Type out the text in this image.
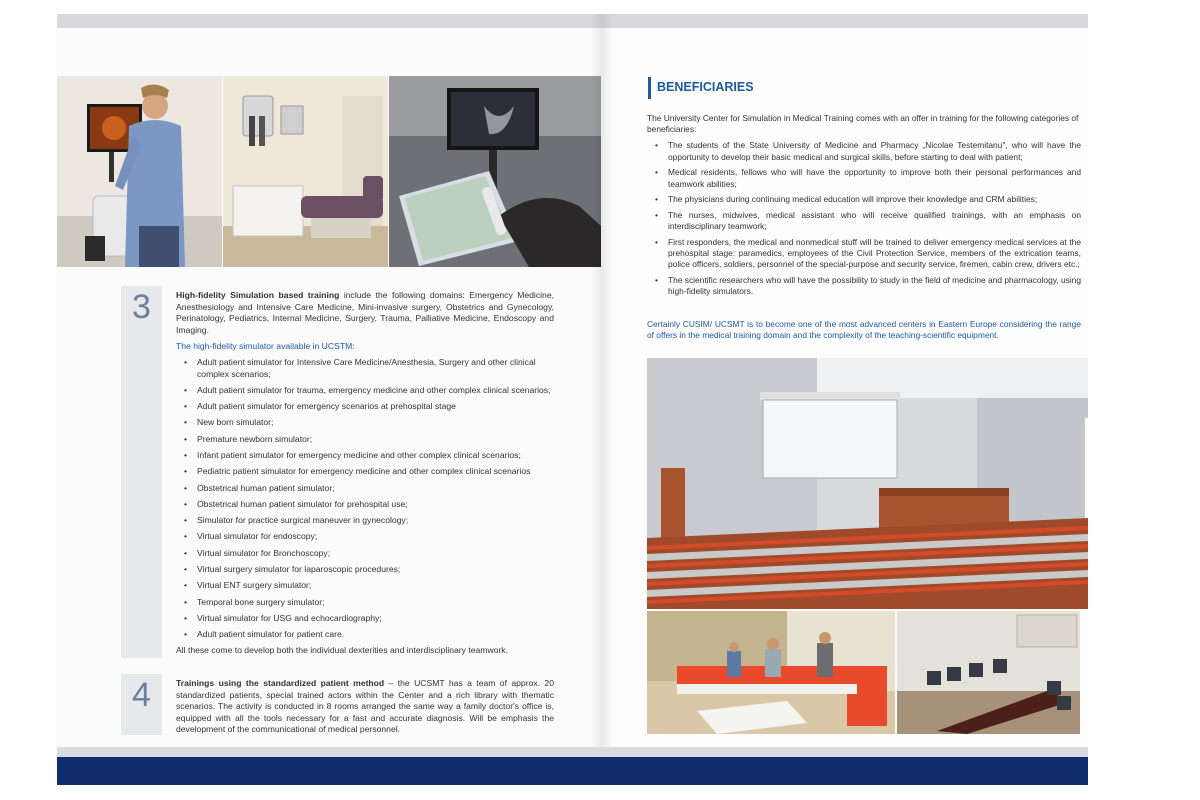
3	High-fidelity Simulation based training include the following domains: Emergency Medicine, Anesthesiology and Intensive Care Medicine, Mini-invasive surgery, Obstetrics and Gynecology, Perinatology, Pediatrics, Internal Medicine, Surgery, Trauma, Palliative Medicine, Endoscopy and Imaging.

The high-fidelity simulator available in UCSTM:

• Adult patient simulator for Intensive Care Medicine/Anesthesia, Surgery and other clinical complex scenarios;
• Adult patient simulator for trauma, emergency medicine and other complex clinical scenarios;
• Adult patient simulator for emergency scenarios at prehospital stage
• New born simulator;
• Premature newborn simulator;
• Infant patient simulator for emergency medicine and other complex clinical scenarios;
• Pediatric patient simulator for emergency medicine and other complex clinical scenarios
• Obstetrical human patient simulator;
• Obstetrical human patient simulator for prehospital use;
• Simulator for practice surgical maneuver in gynecology;
• Virtual simulator for endoscopy;
• Virtual simulator for Bronchoscopy;
• Virtual surgery simulator for laparoscopic procedures;
• Virtual ENT surgery simulator;
• Temporal bone surgery simulator;
• Virtual simulator for USG and echocardiography;
• Adult patient simulator for patient care.

All these come to develop both the individual dexterities and interdisciplinary teamwork.

4	Trainings using the standardized patient method – the UCSMT has a team of approx. 20 standardized patients, special trained actors within the Center and a rich library with thematic scenarios. The activity is conducted in 8 rooms arranged the same way a family doctor's office is, equipped with all the tools necessary for a fast and accurate diagnosis. Will be emphasis the development of the communicational of medical personnel.

BENEFICIARIES

The University Center for Simulation in Medical Training comes with an offer in training for the following categories of beneficiaries:

• The students of the State University of Medicine and Pharmacy „Nicolae Testemitanu", who will have the opportunity to develop their basic medical and surgical skills, before starting to deal with patient;
• Medical residents, fellows who will have the opportunity to improve both their personal performances and teamwork abilities;
• The physicians during continuing medical education will improve their knowledge and CRM abilities;
• The nurses, midwives, medical assistant who will receive qualified trainings, with an emphasis on interdisciplinary teamwork;
• First responders, the medical and nonmedical stuff will be trained to deliver emergency medical services at the prehospital stage: paramedics, employees of the Civil Protection Service, members of the extrication teams, police officers, soldiers, personnel of the special-purpose and security service, firemen, cabin crew, drivers etc.;
• The scientific researchers who will have the possibility to study in the field of medicine and pharmacology, using high-fidelity simulators.
Certainly CUSIM/ UCSMT is to become one of the most advanced centers in Eastern Europe considering the range of offers in the medical training domain and the complexity of the teaching-scientific equipment.
